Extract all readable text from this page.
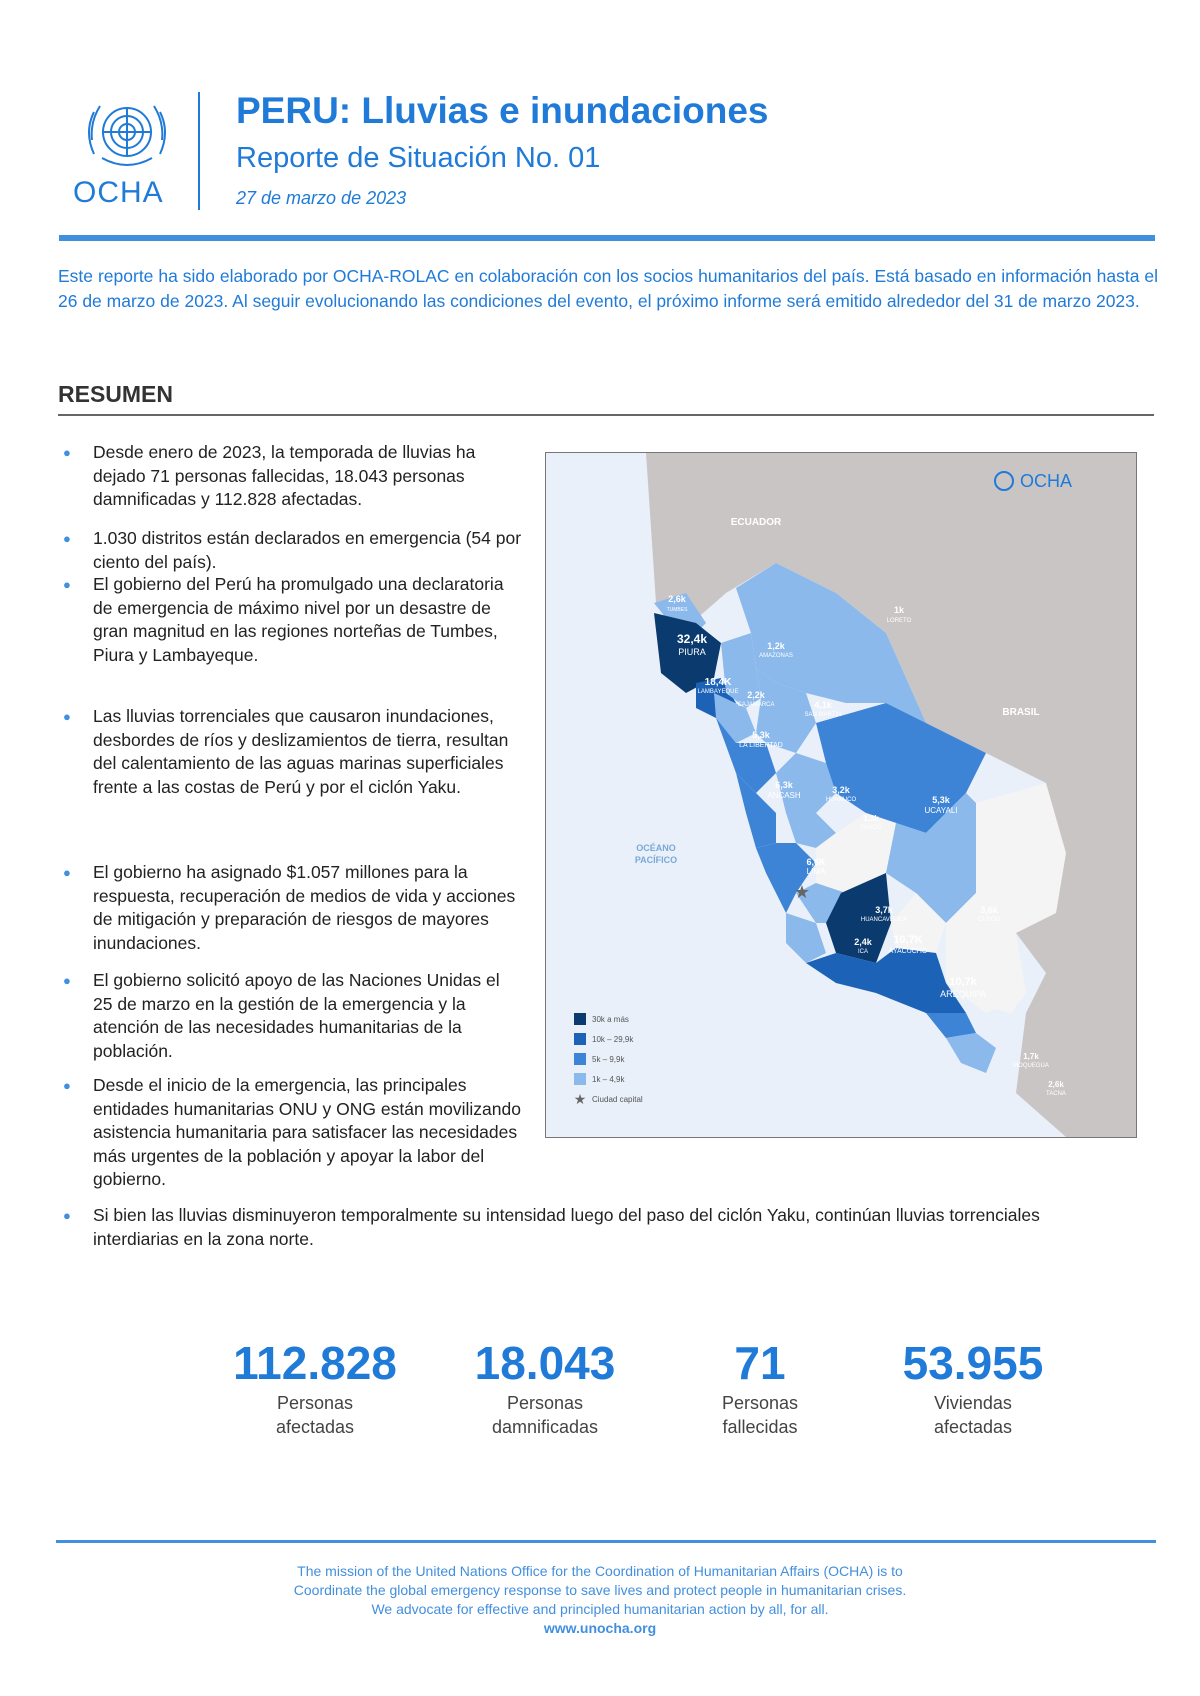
OCHA
PERU: Lluvias e inundaciones
Reporte de Situación No. 01
27 de marzo de 2023
Este reporte ha sido elaborado por OCHA-ROLAC en colaboración con los socios humanitarios del país. Está basado en información hasta el 26 de marzo de 2023. Al seguir evolucionando las condiciones del evento, el próximo informe será emitido alrededor del 31 de marzo 2023.
RESUMEN
● Desde enero de 2023, la temporada de lluvias ha dejado 71 personas fallecidas, 18.043 personas damnificadas y 112.828 afectadas.
● 1.030 distritos están declarados en emergencia (54 por ciento del país).
● El gobierno del Perú ha promulgado una declaratoria de emergencia de máximo nivel por un desastre de gran magnitud en las regiones norteñas de Tumbes, Piura y Lambayeque.
● Las lluvias torrenciales que causaron inundaciones, desbordes de ríos y deslizamientos de tierra, resultan del calentamiento de las aguas marinas superficiales frente a las costas de Perú y por el ciclón Yaku.
● El gobierno ha asignado $1.057 millones para la respuesta, recuperación de medios de vida y acciones de mitigación y preparación de riesgos de mayores inundaciones.
● El gobierno solicitó apoyo de las Naciones Unidas el 25 de marzo en la gestión de la emergencia y la atención de las necesidades humanitarias de la población.
● Desde el inicio de la emergencia, las principales entidades humanitarias ONU y ONG están movilizando asistencia humanitaria para satisfacer las necesidades más urgentes de la población y apoyar la labor del gobierno.
● Si bien las lluvias disminuyeron temporalmente su intensidad luego del paso del ciclón Yaku, continúan lluvias torrenciales interdiarias en la zona norte.
ECUADOR
BRASIL
OCÉANO
PACÍFICO
OCHA
2,6k
TUMBES
32,4k
PIURA
18,4K
LAMBAYEQUE
1k
LORETO
1,2k
AMAZONAS
2,2k
CAJAMARCA	4,1k
SAN MARTIN
5,3k
LA LIBERTAD
6,3k
ANCASH
3,2k
HUANUCO
1,3k
PASCO
5,3k
UCAYALI
6,6K
LIMA
3,7k
HUANCAVELICA
3,6k
CUSCO
2,4k
ICA
10,7K
AYACUCHO
10,7k
AREQUIPA
1,7k
MOQUEGUA
2,6k
TACNA
★
30k a más
10k – 29,9k
5k – 9,9k
1k – 4,9k
★ Ciudad capital
112.828
Personas
afectadas
18.043
Personas
damnificadas
71
Personas
fallecidas
53.955
Viviendas
afectadas
The mission of the United Nations Office for the Coordination of Humanitarian Affairs (OCHA) is to
Coordinate the global emergency response to save lives and protect people in humanitarian crises.
We advocate for effective and principled humanitarian action by all, for all.
www.unocha.org
